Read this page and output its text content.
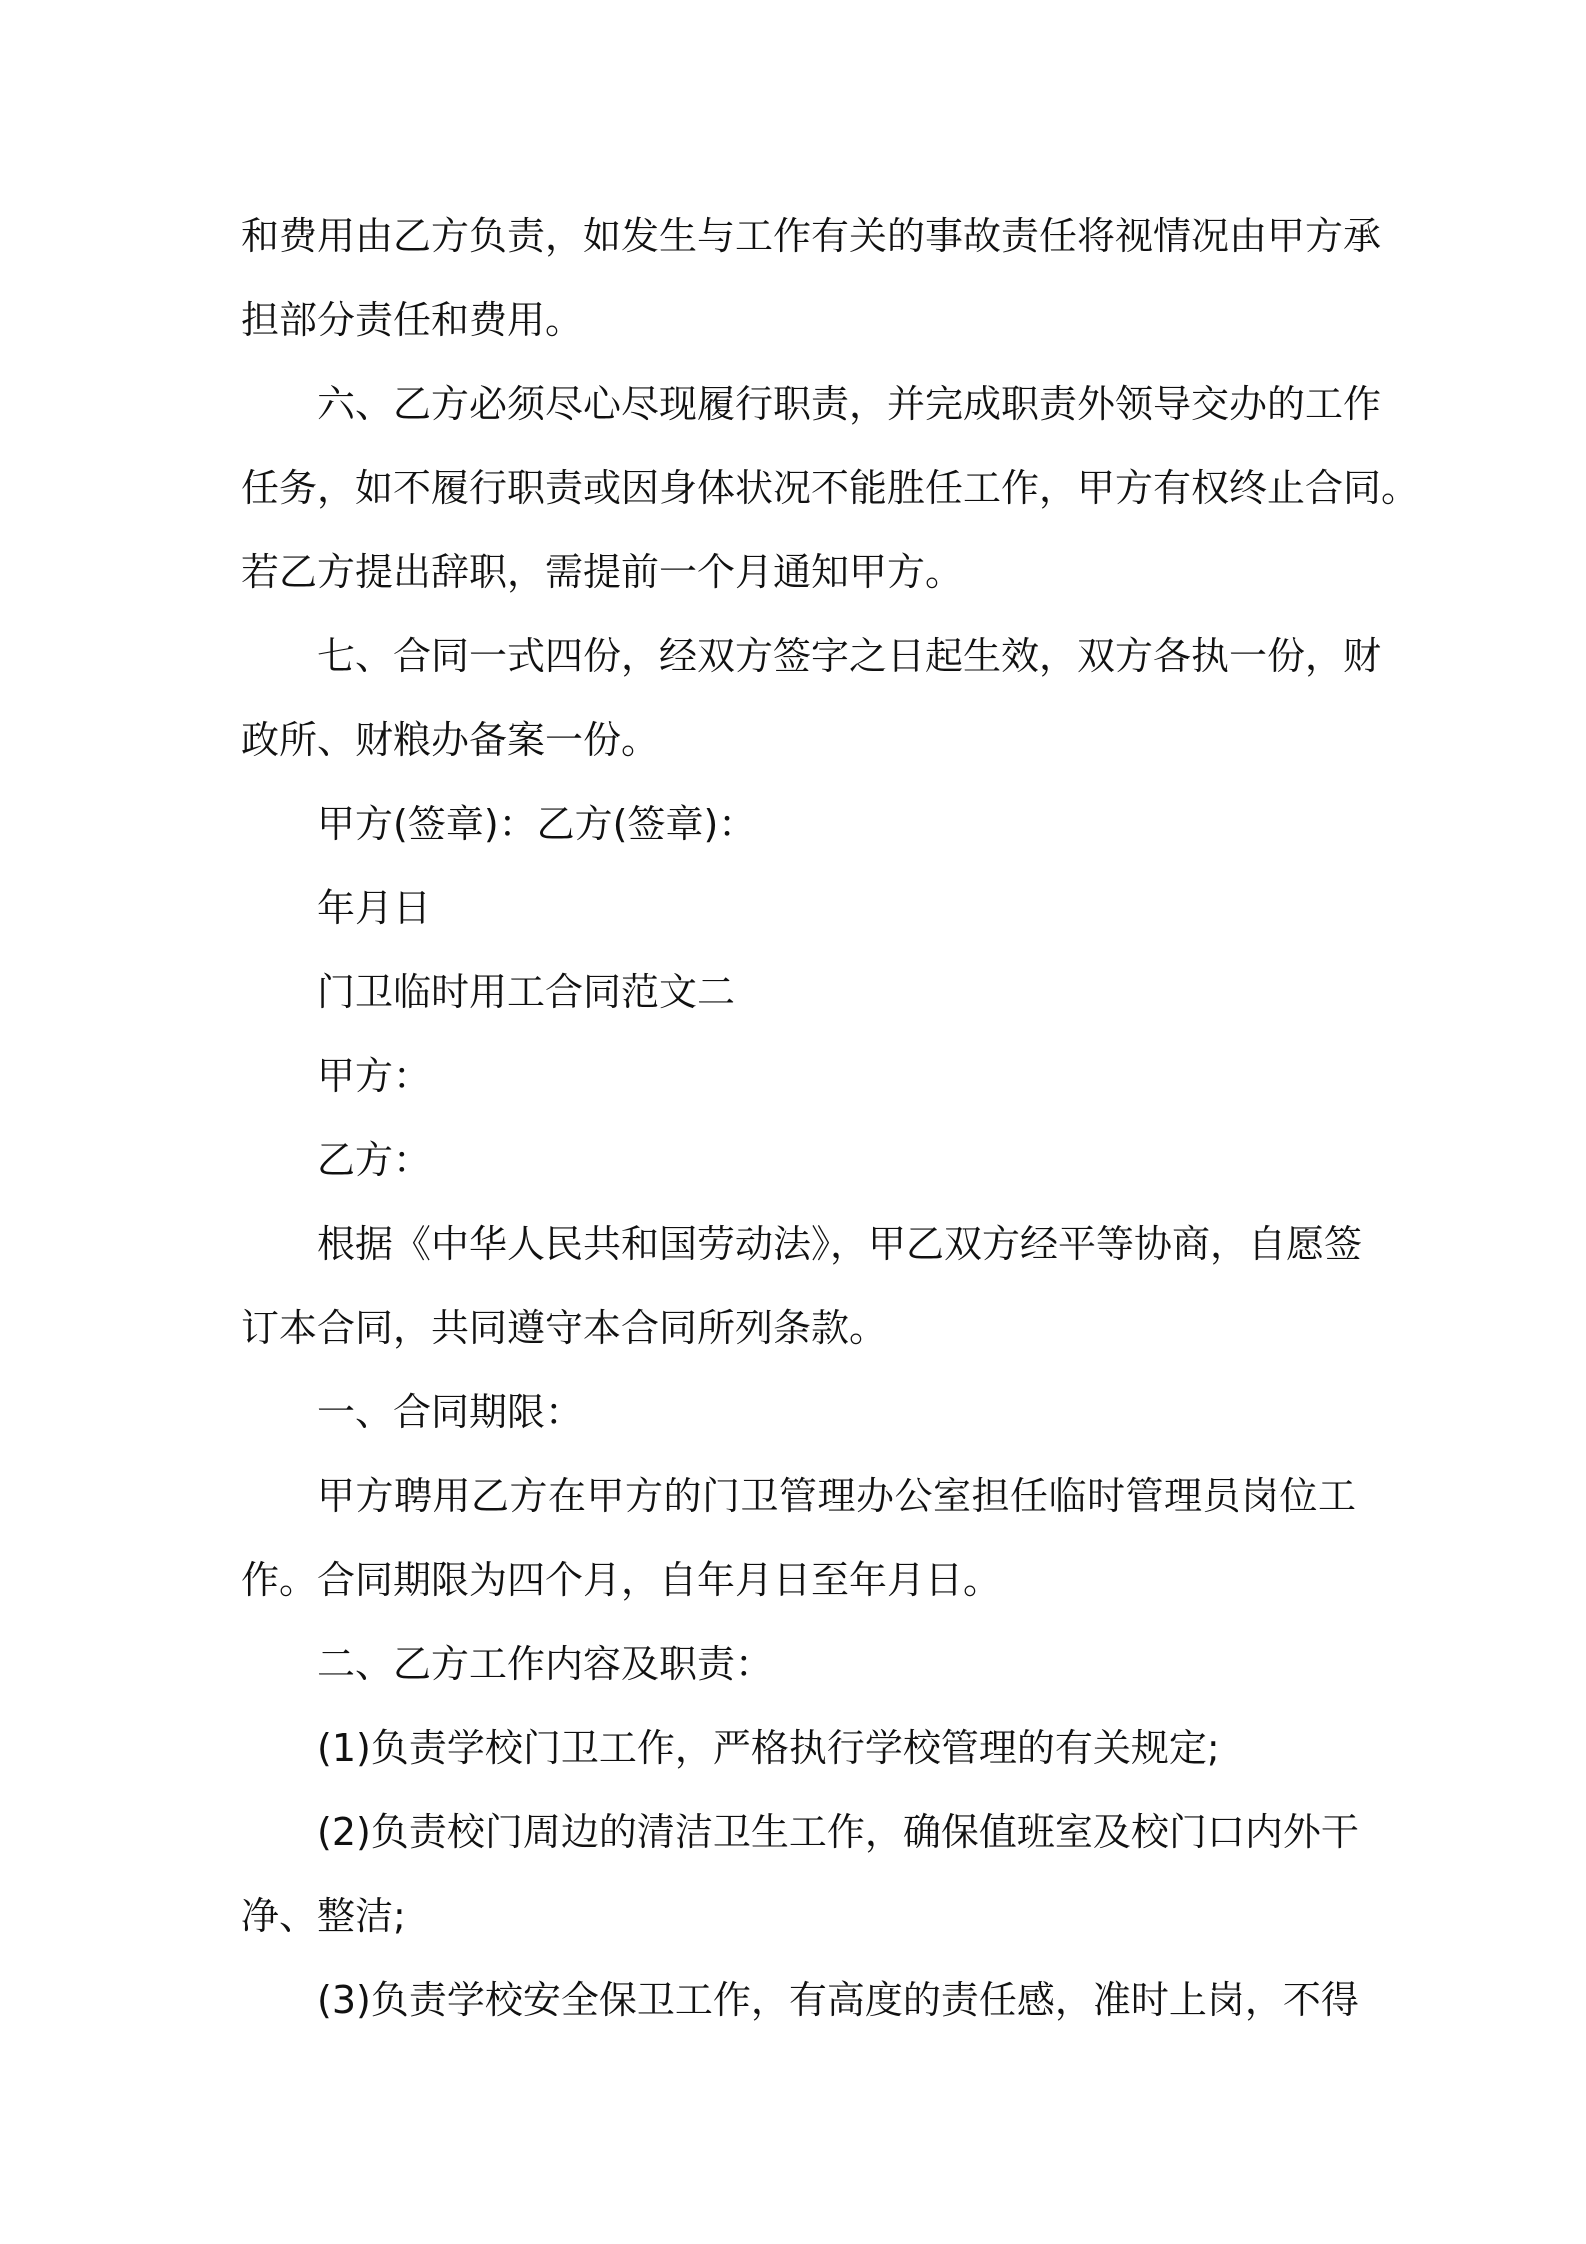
和费用由乙方负责，如发生与工作有关的事故责任将视情况由甲方承
担部分责任和费用。
六、乙方必须尽心尽现履行职责，并完成职责外领导交办的工作
任务，如不履行职责或因身体状况不能胜任工作，甲方有权终止合同。
若乙方提出辞职，需提前一个月通知甲方。
七、合同一式四份，经双方签字之日起生效，双方各执一份，财
政所、财粮办备案一份。
甲方(签章)：乙方(签章)：
年月日
门卫临时用工合同范文二
甲方：
乙方：
根据《中华人民共和国劳动法》，甲乙双方经平等协商，自愿签
订本合同，共同遵守本合同所列条款。
一、合同期限：
甲方聘用乙方在甲方的门卫管理办公室担任临时管理员岗位工
作。合同期限为四个月，自年月日至年月日。
二、乙方工作内容及职责：
(1)负责学校门卫工作，严格执行学校管理的有关规定;
(2)负责校门周边的清洁卫生工作，确保值班室及校门口内外干
净、整洁;
(3)负责学校安全保卫工作，有高度的责任感，准时上岗，不得
